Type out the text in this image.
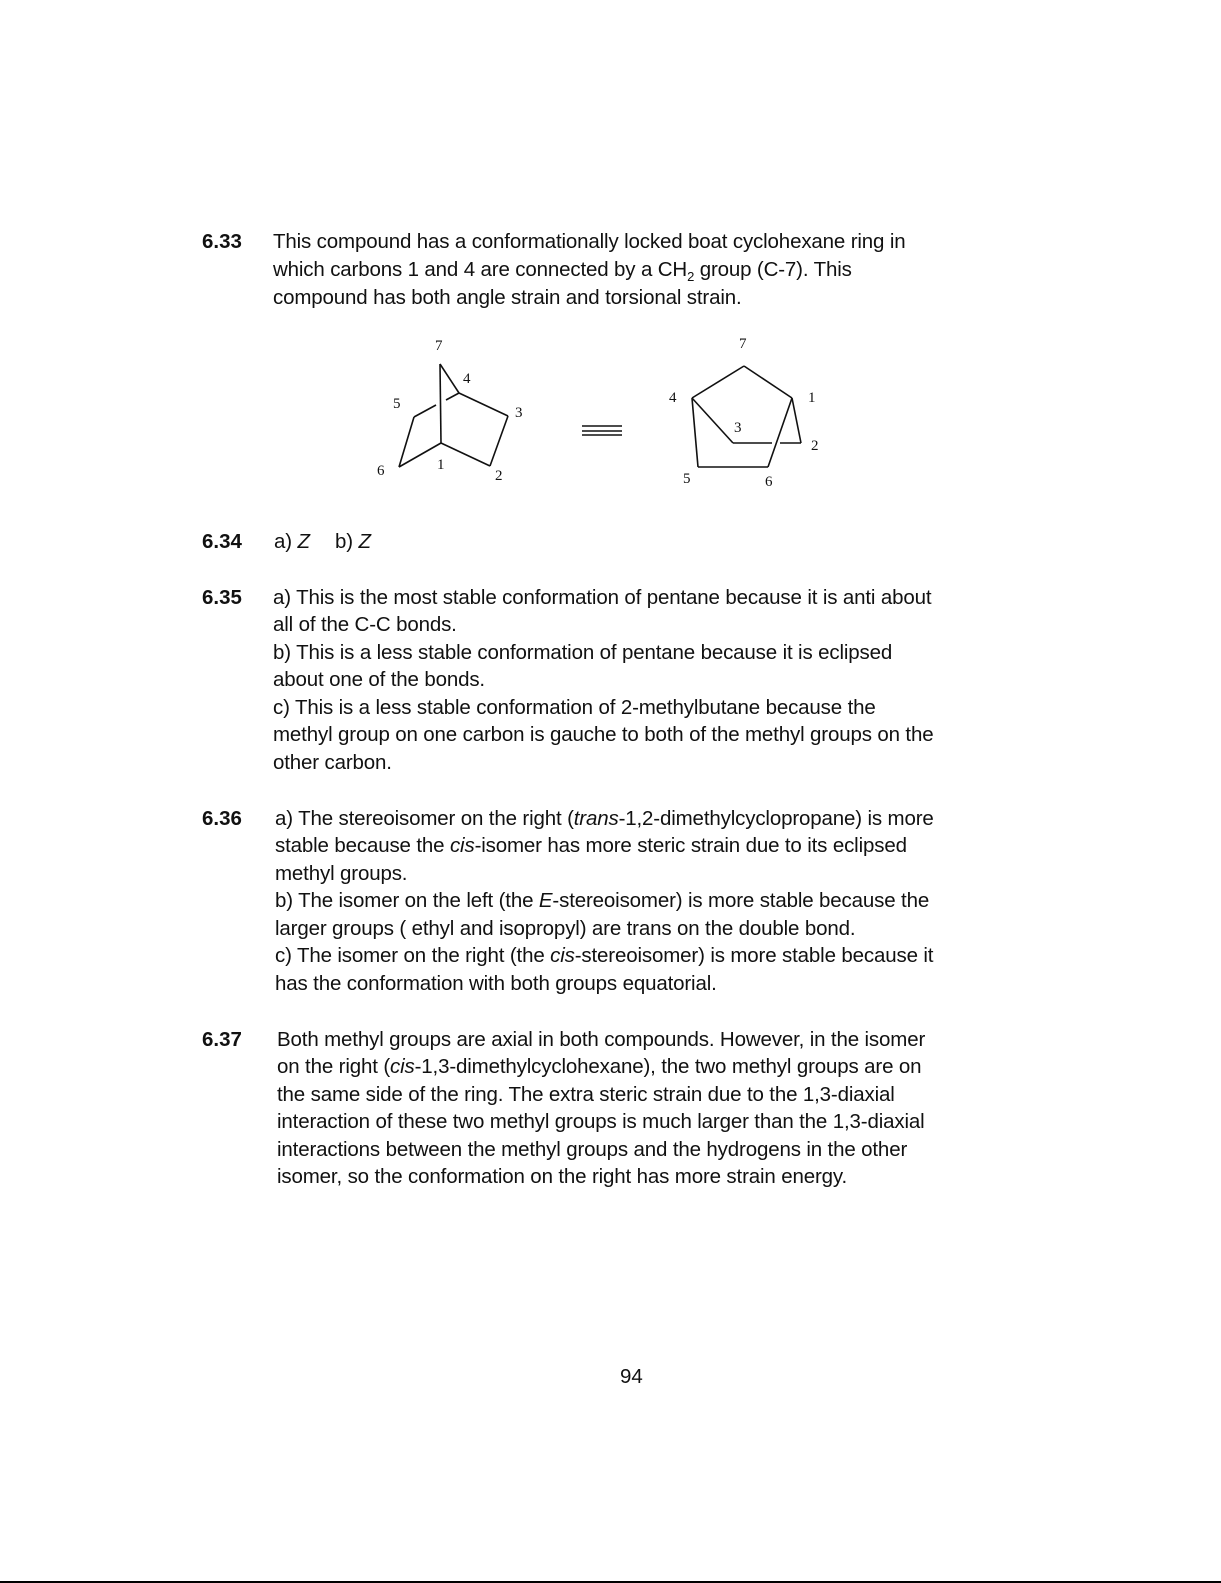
6.33 This compound has a conformationally locked boat cyclohexane ring in
which carbons 1 and 4 are connected by a $CH_2$ group (C-7). This
compound has both angle strain and torsional strain.
7
4
5
3
6	1
2
7
4	1
3
2
5	6
6.34 a) Z b) Z
6.35 a) This is the most stable conformation of pentane because it is anti about
all of the C-C bonds.
b) This is a less stable conformation of pentane because it is eclipsed
about one of the bonds.
c) This is a less stable conformation of 2-methylbutane because the
methyl group on one carbon is gauche to both of the methyl groups on the
other carbon.
6.36 a) The stereoisomer on the right (trans-1,2-dimethylcyclopropane) is more
stable because the cis-isomer has more steric strain due to its eclipsed
methyl groups.
b) The isomer on the left (the E-stereoisomer) is more stable because the
larger groups ( ethyl and isopropyl) are trans on the double bond.
c) The isomer on the right (the cis-stereoisomer) is more stable because it
has the conformation with both groups equatorial.
6.37 Both methyl groups are axial in both compounds. However, in the isomer
on the right (cis-1,3-dimethylcyclohexane), the two methyl groups are on
the same side of the ring. The extra steric strain due to the 1,3-diaxial
interaction of these two methyl groups is much larger than the 1,3-diaxial
interactions between the methyl groups and the hydrogens in the other
isomer, so the conformation on the right has more strain energy.
94
